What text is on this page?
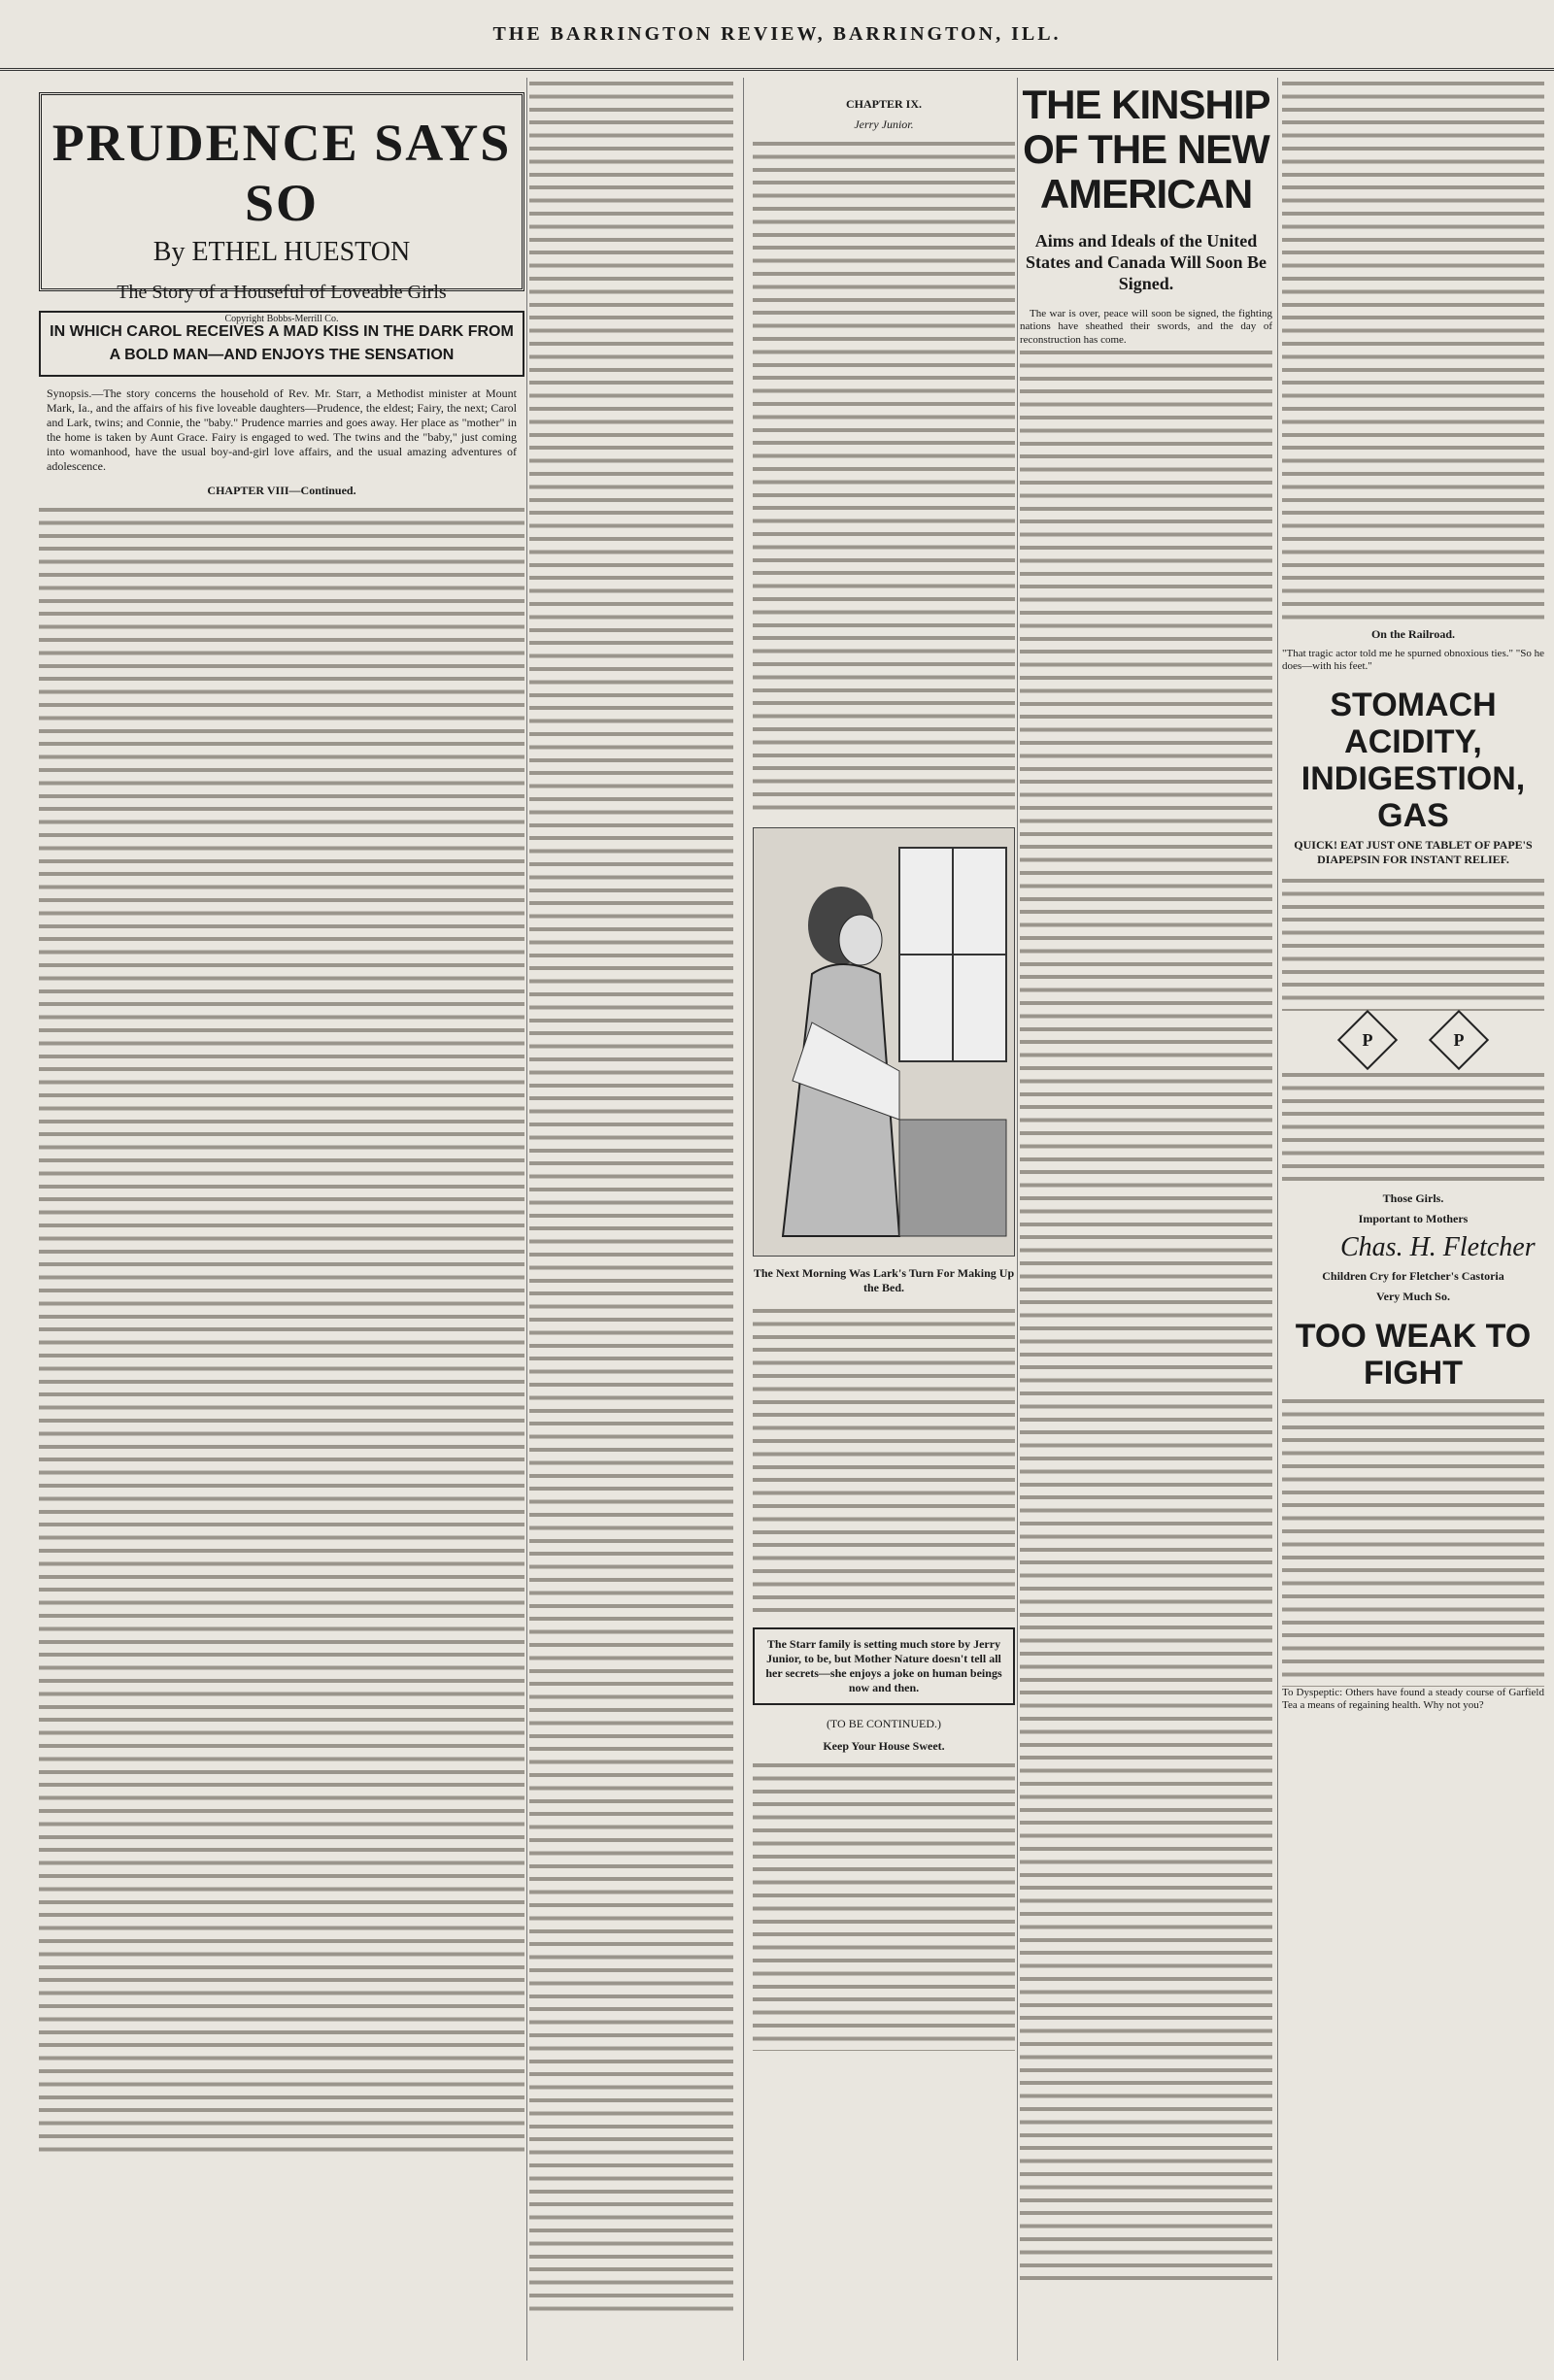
THE BARRINGTON REVIEW, BARRINGTON, ILL.
PRUDENCE SAYS SO
By ETHEL HUESTON
The Story of a Houseful of Loveable Girls
Copyright Bobbs-Merrill Co.
IN WHICH CAROL RECEIVES A MAD KISS IN THE DARK FROM A BOLD MAN—AND ENJOYS THE SENSATION
Synopsis.—The story concerns the household of Rev. Mr. Starr, a Methodist minister at Mount Mark, Ia., and the affairs of his five loveable daughters—Prudence, the eldest; Fairy, the next; Carol and Lark, twins; and Connie, the "baby." Prudence marries and goes away. Her place as "mother" in the home is taken by Aunt Grace. Fairy is engaged to wed. The twins and the "baby," just coming into womanhood, have the usual boy-and-girl love affairs, and the usual amazing adventures of adolescence.
CHAPTER VIII—Continued.
CHAPTER IX.
Jerry Junior.
The Next Morning Was Lark's Turn For Making Up the Bed.
The Starr family is setting much store by Jerry Junior, to be, but Mother Nature doesn't tell all her secrets—she enjoys a joke on human beings now and then.
(TO BE CONTINUED.)
Keep Your House Sweet.
THE KINSHIP OF THE NEW AMERICAN
Aims and Ideals of the United States and Canada Will Soon Be Signed.

The war is over, peace will soon be signed, the fighting nations have sheathed their swords, and the day of reconstruction has come.

On the Railroad.

"That tragic actor told me he spurned obnoxious ties." "So he does—with his feet."

STOMACH ACIDITY, INDIGESTION, GAS
QUICK! EAT JUST ONE TABLET OF PAPE'S DIAPEPSIN FOR INSTANT RELIEF.
P	P
Those Girls.
Important to Mothers
Chas. H. Fletcher
Children Cry for Fletcher's Castoria
Very Much So.
TOO WEAK TO FIGHT

To Dyspeptic: Others have found a steady course of Garfield Tea a means of regaining health. Why not you?
